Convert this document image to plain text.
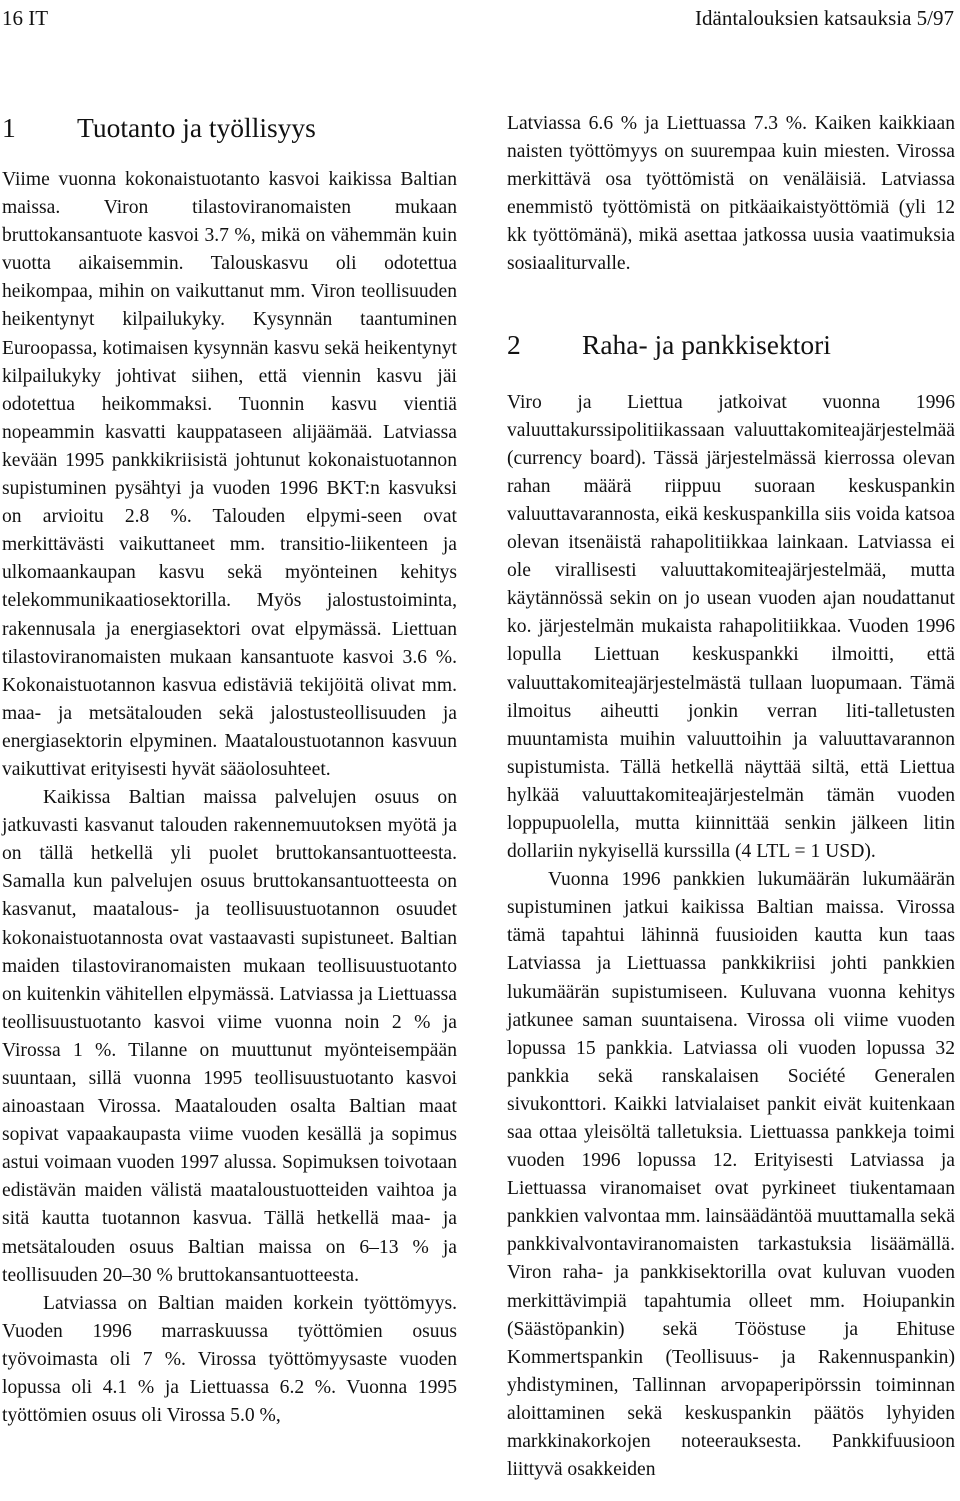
16 IT	Idäntalouksien katsauksia 5/97
1 Tuotanto ja työllisyys

Viime vuonna kokonaistuotanto kasvoi kaikissa Baltian maissa. Viron tilastoviranomaisten mukaan bruttokansantuote kasvoi 3.7 %, mikä on vähemmän kuin vuotta aikaisemmin. Talouskasvu oli odotettua heikompaa, mihin on vaikuttanut mm. Viron teollisuuden heikentynyt kilpailukyky. Kysynnän taantuminen Euroopassa, kotimaisen kysynnän kasvu sekä heikentynyt kilpailukyky johtivat siihen, että viennin kasvu jäi odotettua heikommaksi. Tuonnin kasvu vientiä nopeammin kasvatti kauppataseen alijäämää. Latviassa kevään 1995 pankkikriisistä johtunut kokonaistuotannon supistuminen pysähtyi ja vuoden 1996 BKT:n kasvuksi on arvioitu 2.8 %. Talouden elpymi-seen ovat merkittävästi vaikuttaneet mm. transitio-liikenteen ja ulkomaankaupan kasvu sekä myönteinen kehitys telekommunikaatiosektorilla. Myös jalostustoiminta, rakennusala ja energiasektori ovat elpymässä. Liettuan tilastoviranomaisten mukaan kansantuote kasvoi 3.6 %. Kokonaistuotannon kasvua edistäviä tekijöitä olivat mm. maa- ja metsätalouden sekä jalostusteollisuuden ja energiasektorin elpyminen. Maataloustuotannon kasvuun vaikuttivat erityisesti hyvät sääolosuhteet.

Kaikissa Baltian maissa palvelujen osuus on jatkuvasti kasvanut talouden rakennemuutoksen myötä ja on tällä hetkellä yli puolet bruttokansantuotteesta. Samalla kun palvelujen osuus bruttokansantuotteesta on kasvanut, maatalous- ja teollisuustuotannon osuudet kokonaistuotannosta ovat vastaavasti supistuneet. Baltian maiden tilastoviranomaisten mukaan teollisuustuotanto on kuitenkin vähitellen elpymässä. Latviassa ja Liettuassa teollisuustuotanto kasvoi viime vuonna noin 2 % ja Virossa 1 %. Tilanne on muuttunut myönteisempään suuntaan, sillä vuonna 1995 teollisuustuotanto kasvoi ainoastaan Virossa. Maatalouden osalta Baltian maat sopivat vapaakaupasta viime vuoden kesällä ja sopimus astui voimaan vuoden 1997 alussa. Sopimuksen toivotaan edistävän maiden välistä maataloustuotteiden vaihtoa ja sitä kautta tuotannon kasvua. Tällä hetkellä maa- ja metsätalouden osuus Baltian maissa on 6–13 % ja teollisuuden 20–30 % bruttokansantuotteesta.

Latviassa on Baltian maiden korkein työttömyys. Vuoden 1996 marraskuussa työttömien osuus työvoimasta oli 7 %. Virossa työttömyysaste vuoden lopussa oli 4.1 % ja Liettuassa 6.2 %. Vuonna 1995 työttömien osuus oli Virossa 5.0 %,

Latviassa 6.6 % ja Liettuassa 7.3 %. Kaiken kaikkiaan naisten työttömyys on suurempaa kuin miesten. Virossa merkittävä osa työttömistä on venäläisiä. Latviassa enemmistö työttömistä on pitkäaikaistyöttömiä (yli 12 kk työttömänä), mikä asettaa jatkossa uusia vaatimuksia sosiaaliturvalle.

2 Raha- ja pankkisektori

Viro ja Liettua jatkoivat vuonna 1996 valuuttakurssipolitiikassaan valuuttakomiteajärjestelmää (currency board). Tässä järjestelmässä kierrossa olevan rahan määrä riippuu suoraan keskuspankin valuuttavarannosta, eikä keskuspankilla siis voida katsoa olevan itsenäistä rahapolitiikkaa lainkaan. Latviassa ei ole virallisesti valuuttakomiteajärjestelmää, mutta käytännössä sekin on jo usean vuoden ajan noudattanut ko. järjestelmän mukaista rahapolitiikkaa. Vuoden 1996 lopulla Liettuan keskuspankki ilmoitti, että valuuttakomiteajärjestelmästä tullaan luopumaan. Tämä ilmoitus aiheutti jonkin verran liti-talletusten muuntamista muihin valuuttoihin ja valuuttavarannon supistumista. Tällä hetkellä näyttää siltä, että Liettua hylkää valuuttakomiteajärjestelmän tämän vuoden loppupuolella, mutta kiinnittää senkin jälkeen litin dollariin nykyisellä kurssilla (4 LTL = 1 USD).

Vuonna 1996 pankkien lukumäärän lukumäärän supistuminen jatkui kaikissa Baltian maissa. Virossa tämä tapahtui lähinnä fuusioiden kautta kun taas Latviassa ja Liettuassa pankkikriisi johti pankkien lukumäärän supistumiseen. Kuluvana vuonna kehitys jatkunee saman suuntaisena. Virossa oli viime vuoden lopussa 15 pankkia. Latviassa oli vuoden lopussa 32 pankkia sekä ranskalaisen Société Generalen sivukonttori. Kaikki latvialaiset pankit eivät kuitenkaan saa ottaa yleisöltä talletuksia. Liettuassa pankkeja toimi vuoden 1996 lopussa 12. Erityisesti Latviassa ja Liettuassa viranomaiset ovat pyrkineet tiukentamaan pankkien valvontaa mm. lainsäädäntöä muuttamalla sekä pankkivalvontaviranomaisten tarkastuksia lisäämällä. Viron raha- ja pankkisektorilla ovat kuluvan vuoden merkittävimpiä tapahtumia olleet mm. Hoiupankin (Säästöpankin) sekä Tööstuse ja Ehituse Kommertspankin (Teollisuus- ja Rakennuspankin) yhdistyminen, Tallinnan arvopaperipörssin toiminnan aloittaminen sekä keskuspankin päätös lyhyiden markkinakorkojen noteerauksesta. Pankkifuusioon liittyvä osakkeiden
